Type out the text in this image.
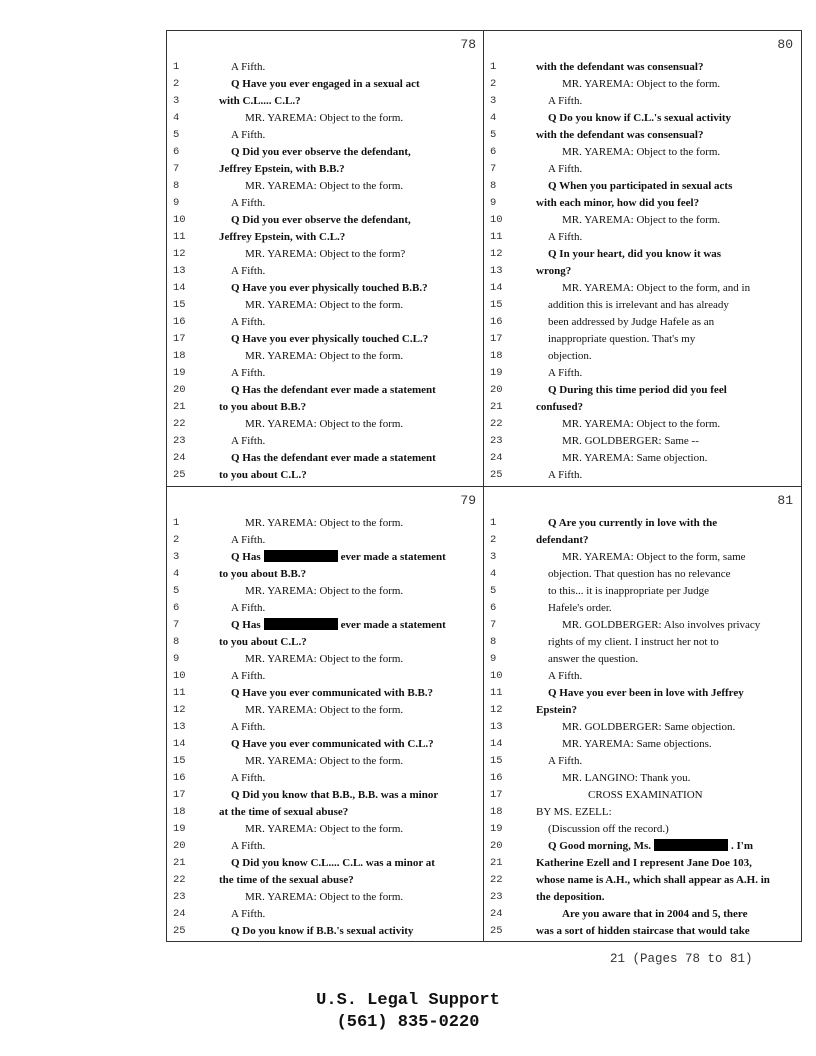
78
1	A Fifth.
2	Q Have you ever engaged in a sexual act
3	with C.L.... C.L.?
4	MR. YAREMA: Object to the form.
5	A Fifth.
6	Q Did you ever observe the defendant,
7	Jeffrey Epstein, with B.B.?
8	MR. YAREMA: Object to the form.
9	A Fifth.
10	Q Did you ever observe the defendant,
11	Jeffrey Epstein, with C.L.?
12	MR. YAREMA: Object to the form?
13	A Fifth.
14	Q Have you ever physically touched B.B.?
15	MR. YAREMA: Object to the form.
16	A Fifth.
17	Q Have you ever physically touched C.L.?
18	MR. YAREMA: Object to the form.
19	A Fifth.
20	Q Has the defendant ever made a statement
21	to you about B.B.?
22	MR. YAREMA: Object to the form.
23	A Fifth.
24	Q Has the defendant ever made a statement
25	to you about C.L.?
80
1	with the defendant was consensual?
2	MR. YAREMA: Object to the form.
3	A Fifth.
4	Q Do you know if C.L.'s sexual activity
5	with the defendant was consensual?
6	MR. YAREMA: Object to the form.
7	A Fifth.
8	Q When you participated in sexual acts
9	with each minor, how did you feel?
10	MR. YAREMA: Object to the form.
11	A Fifth.
12	Q In your heart, did you know it was
13	wrong?
14	MR. YAREMA: Object to the form, and in
15	addition this is irrelevant and has already
16	been addressed by Judge Hafele as an
17	inappropriate question. That's my
18	objection.
19	A Fifth.
20	Q During this time period did you feel
21	confused?
22	MR. YAREMA: Object to the form.
23	MR. GOLDBERGER: Same --
24	MR. YAREMA: Same objection.
25	A Fifth.
79
1	MR. YAREMA: Object to the form.
2	A Fifth.
3	Q Has	ever made a statement
4	to you about B.B.?
5	MR. YAREMA: Object to the form.
6	A Fifth.
7	Q Has	ever made a statement
8	to you about C.L.?
9	MR. YAREMA: Object to the form.
10	A Fifth.
11	Q Have you ever communicated with B.B.?
12	MR. YAREMA: Object to the form.
13	A Fifth.
14	Q Have you ever communicated with C.L.?
15	MR. YAREMA: Object to the form.
16	A Fifth.
17	Q Did you know that B.B., B.B. was a minor
18	at the time of sexual abuse?
19	MR. YAREMA: Object to the form.
20	A Fifth.
21	Q Did you know C.L.... C.L. was a minor at
22	the time of the sexual abuse?
23	MR. YAREMA: Object to the form.
24	A Fifth.
25	Q Do you know if B.B.'s sexual activity
81
1	Q Are you currently in love with the
2	defendant?
3	MR. YAREMA: Object to the form, same
4	objection. That question has no relevance
5	to this... it is inappropriate per Judge
6	Hafele's order.
7	MR. GOLDBERGER: Also involves privacy
8	rights of my client. I instruct her not to
9	answer the question.
10	A Fifth.
11	Q Have you ever been in love with Jeffrey
12	Epstein?
13	MR. GOLDBERGER: Same objection.
14	MR. YAREMA: Same objections.
15	A Fifth.
16	MR. LANGINO: Thank you.
17	CROSS EXAMINATION
18	BY MS. EZELL:
19	(Discussion off the record.)
20	Q Good morning, Ms.	. I'm
21	Katherine Ezell and I represent Jane Doe 103,
22	whose name is A.H., which shall appear as A.H. in
23	the deposition.
24	Are you aware that in 2004 and 5, there
25	was a sort of hidden staircase that would take
21 (Pages 78 to 81)
U.S. Legal Support
(561) 835-0220
